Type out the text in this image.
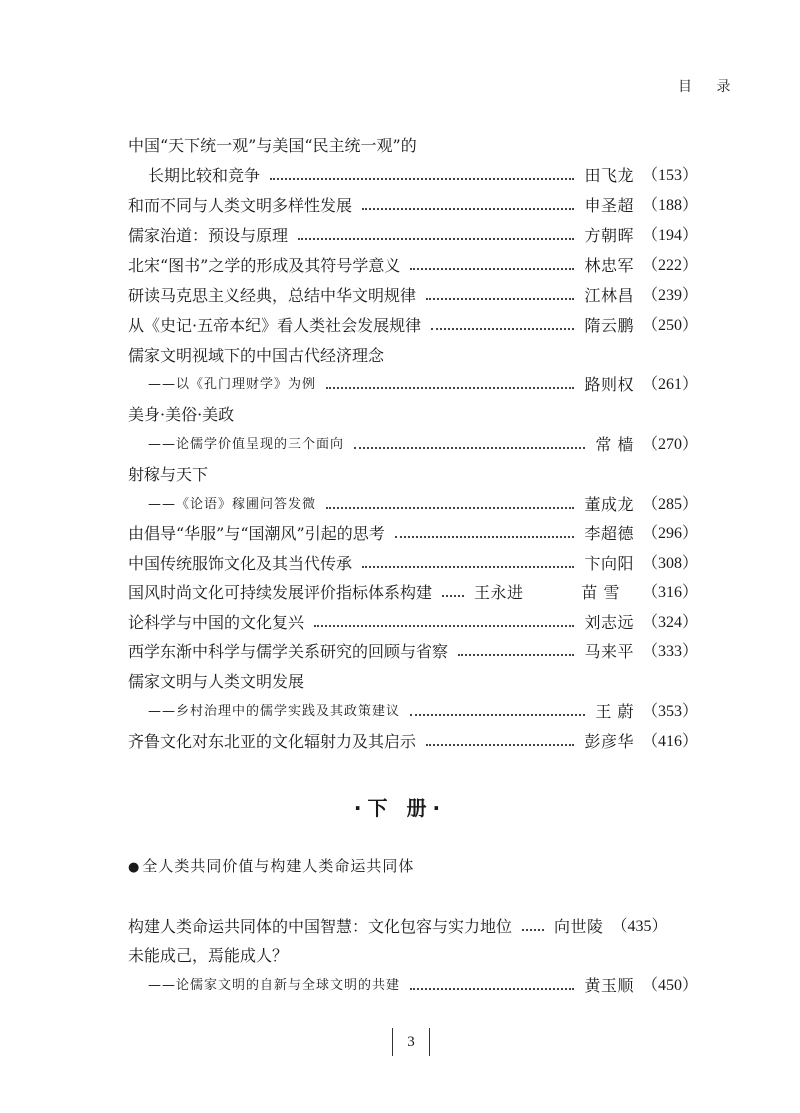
目 录
中国“天下统一观”与美国“民主统一观”的
长期比较和竞争	田飞龙 （153）
和而不同与人类文明多样性发展	申圣超 （188）
儒家治道：预设与原理	方朝晖 （194）
北宋“图书”之学的形成及其符号学意义	林忠军 （222）
研读马克思主义经典，总结中华文明规律	江林昌 （239）
从《史记·五帝本纪》看人类社会发展规律	隋云鹏 （250）
儒家文明视域下的中国古代经济理念
——以《孔门理财学》为例	路则权 （261）
美身·美俗·美政
——论儒学价值呈现的三个面向	常 樯 （270）
射稼与天下
——《论语》稼圃问答发微	董成龙 （285）
由倡导“华服”与“国潮风”引起的思考	李超德 （296）
中国传统服饰文化及其当代传承	卞向阳 （308）
国风时尚文化可持续发展评价指标体系构建	王永进	苗 雪 （316）
论科学与中国的文化复兴	刘志远 （324）
西学东渐中科学与儒学关系研究的回顾与省察	马来平 （333）
儒家文明与人类文明发展
——乡村治理中的儒学实践及其政策建议	王 蔚 （353）
齐鲁文化对东北亚的文化辐射力及其启示	彭彦华 （416）
·下 册·
● 全人类共同价值与构建人类命运共同体
构建人类命运共同体的中国智慧：文化包容与实力地位	向世陵 （435）
未能成己，焉能成人？
——论儒家文明的自新与全球文明的共建	黄玉顺 （450）
3
